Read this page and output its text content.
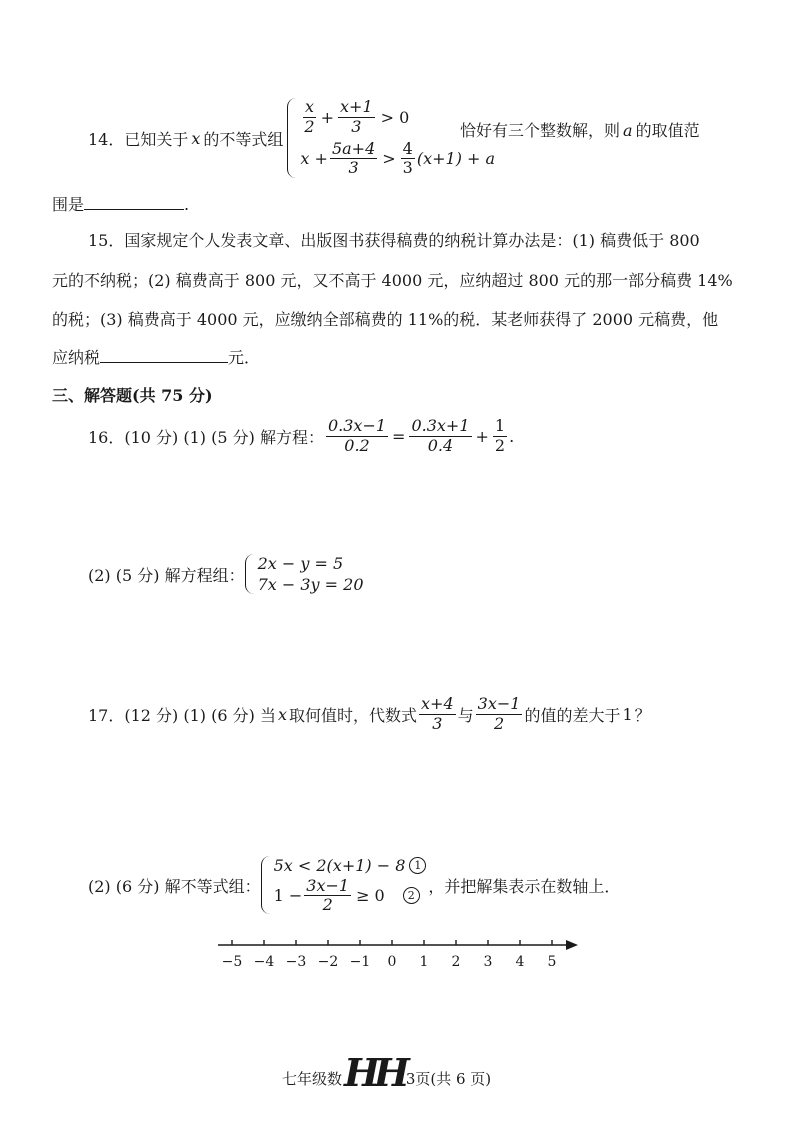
14．已知关于 x 的不等式组
$\frac{x}{2} + \frac{x+1}{3} > 0$
$x + \frac{5a+4}{3} > \frac{4}{3} (x+1) + a$
恰好有三个整数解，则 a 的取值范
围是	.
15．国家规定个人发表文章、出版图书获得稿费的纳税计算办法是：(1) 稿费低于 800
元的不纳税；(2) 稿费高于 800 元，又不高于 4000 元，应纳超过 800 元的那一部分稿费 14%
的税；(3) 稿费高于 4000 元，应缴纳全部稿费的 11%的税．某老师获得了 2000 元稿费，他
应纳税	元．
三、解答题(共 75 分)
16．(10 分) (1) (5 分) 解方程： $\frac{0.3x-1}{0.2} = \frac{0.3x+1}{0.4} + \frac{1}{2}$ .
(2) (5 分) 解方程组：
2x − y = 5
7x − 3y = 20
17．(12 分) (1) (6 分) 当 x 取何值时，代数式 $\frac{x+4}{3}$ 与 $\frac{3x-1}{2}$ 的值的差大于 1 ？
(2) (6 分) 解不等式组：
5x < 2(x+1) − 8 1
$1 - \frac{3x-1}{2} \ge 0$	2 ，并把解集表示在数轴上．
−5 −4 −3 −2 −1 0 1 2 3 4 5
七年级数 HH 3页(共 6 页)
